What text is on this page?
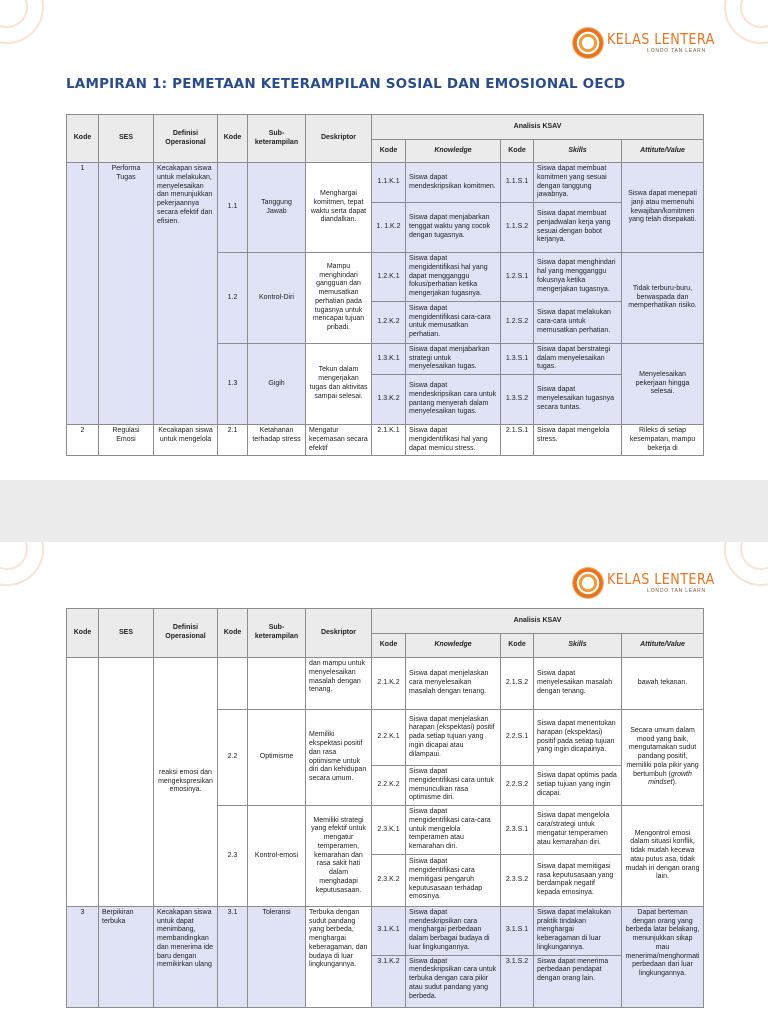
KELAS LENTERA
LONDO TAN LEARN
LAMPIRAN 1: PEMETAAN KETERAMPILAN SOSIAL DAN EMOSIONAL OECD
Kode	SES	Definisi Operasional	Kode	Sub-keterampilan	Deskriptor	Analisis KSAV				
						Kode	Knowledge	Kode	Skills	Attitute/Value
1	Performa Tugas	Kecakapan siswa untuk melakukan, menyelesaikan dan menunjukkan pekerjaannya secara efektif dan efisien.	1.1	Tanggung Jawab	Menghargai komitmen, tepat waktu serta dapat diandalkan.	1.1.K.1	Siswa dapat mendeskripsikan komitmen.	1.1.S.1	Siswa dapat membuat komitmen yang sesuai dengan tanggung jawabnya.	Siswa dapat menepati janji atau memenuhi kewajiban/komitmen yang telah disepakati.
						1. 1.K.2	Siswa dapat menjabarkan tenggat waktu yang cocok dengan tugasnya.	1.1.S.2	Siswa dapat membuat penjadwalan kerja yang sesuai dengan bobot kerjanya.	
			1.2	Kontrol-Diri	Mampu menghindari gangguan dan memusatkan perhatian pada tugasnya untuk mencapai tujuan pribadi.	1.2.K.1	Siswa dapat mengidentifikasi hal yang dapat mengganggu fokus/perhatian ketika mengerjakan tugasnya.	1.2.S.1	Siswa dapat menghindari hal yang mengganggu fokusnya ketika mengerjakan tugasnya.	Tidak terburu-buru, berwaspada dan memperhatikan risiko.
						1.2.K.2	Siswa dapat mengidentifikasi cara-cara untuk memusatkan perhatian.	1.2.S.2	Siswa dapat melakukan cara-cara untuk memusatkan perhatian.	
			1.3	Gigih	Tekun dalam mengerjakan tugas dan aktivitas sampai selesai.	1.3.K.1	Siswa dapat menjabarkan strategi untuk menyelesaikan tugas.	1.3.S.1	Siswa dapat berstrategi dalam menyelesaikan tugas.	Menyelesaikan pekerjaan hingga selesai.
						1.3.K.2	Siswa dapat mendeskripsikan cara untuk pantang menyerah dalam menyelesaikan tugas.	1.3.S.2	Siswa dapat menyelesaikan tugasnya secara tuntas.	
2	Regulasi Emosi	Kecakapan siswa untuk mengelola	2.1	Ketahanan terhadap stress	Mengatur kecemasan secara efektif	2.1.K.1	Siswa dapat mengidentifikasi hal yang dapat memicu stress.	2.1.S.1	Siswa dapat mengelola stress.	Rileks di setiap kesempatan, mampu bekerja di
KELAS LENTERA
LONDO TAN LEARN
Kode	SES	Definisi Operasional	Kode	Sub-keterampilan	Deskriptor	Analisis KSAV				
						Kode	Knowledge	Kode	Skills	Attitute/Value
		reaksi emosi dan mengekspresikan emosinya.			dan mampu untuk menyelesaikan masalah dengan tenang.	2.1.K.2	Siswa dapat menjelaskan cara menyelesaikan masalah dengan tenang.	2.1.S.2	Siswa dapat menyelesaikan masalah dengan tenang.	bawah tekanan.
			2.2	Optimisme	Memiliki ekspektasi positif dan rasa optimisme untuk diri dan kehidupan secara umum.	2.2.K.1	Siswa dapat menjelaskan harapan (ekspektasi) positif pada setiap tujuan yang ingin dicapai atau dilampaui.	2.2.S.1	Siswa dapat menentukan harapan (ekspektasi) positif pada setiap tujuan yang ingin dicapainya.	Secara umum dalam mood yang baik, mengutamakan sudut pandang positif, memiliki pola pikir yang bertumbuh (growth mindset).
						2.2.K.2	Siswa dapat mengidentifikasi cara untuk memunculkan rasa optimisme diri.	2.2.S.2	Siswa dapat optimis pada setiap tujuan yang ingin dicapai.	
			2.3	Kontrol-emosi	Memiliki strategi yang efektif untuk mengatur temperamen, kemarahan dan rasa sakit hati dalam menghadapi keputusasaan.	2.3.K.1	Siswa dapat mengidentifikasi cara-cara untuk mengelola temperamen atau kemarahan diri.	2.3.S.1	Siswa dapat mengelola cara/strategi untuk mengatur temperamen atau kemarahan diri.	Mengontrol emosi dalam situasi konflik, tidak mudah kecewa atau putus asa, tidak mudah iri dengan orang lain.
						2.3.K.2	Siswa dapat mengidentifikasi cara memitigasi pengaruh keputusasaan terhadap emosinya.	2.3.S.2	Siswa dapat memitigasi rasa keputusasaan yang berdampak negatif kepada emosinya.	
3	Berpikiran terbuka	Kecakapan siswa untuk dapat menimbang, membandingkan dan menerima ide baru dengan memikirkan ulang	3.1	Toleransi	Terbuka dengan sudut pandang yang berbeda, menghargai keberagaman, dan budaya di luar lingkungannya.	3.1.K.1	Siswa dapat mendeskripsikan cara menghargai perbedaan dalam berbagai budaya di luar lingkungannya.	3.1.S.1	Siswa dapat melakukan praktik tindakan menghargai keberagaman di luar lingkungannya.	Dapat berteman dengan orang yang berbeda latar belakang, menunjukkan sikap mau menerima/menghormati perbedaan dari luar lingkungannya.
						3.1.K.2	Siswa dapat mendeskripsikan cara untuk terbuka dengan cara pikir atau sudut pandang yang berbeda.	3.1.S.2	Siswa dapat menerima perbedaan pendapat dengan orang lain.	
